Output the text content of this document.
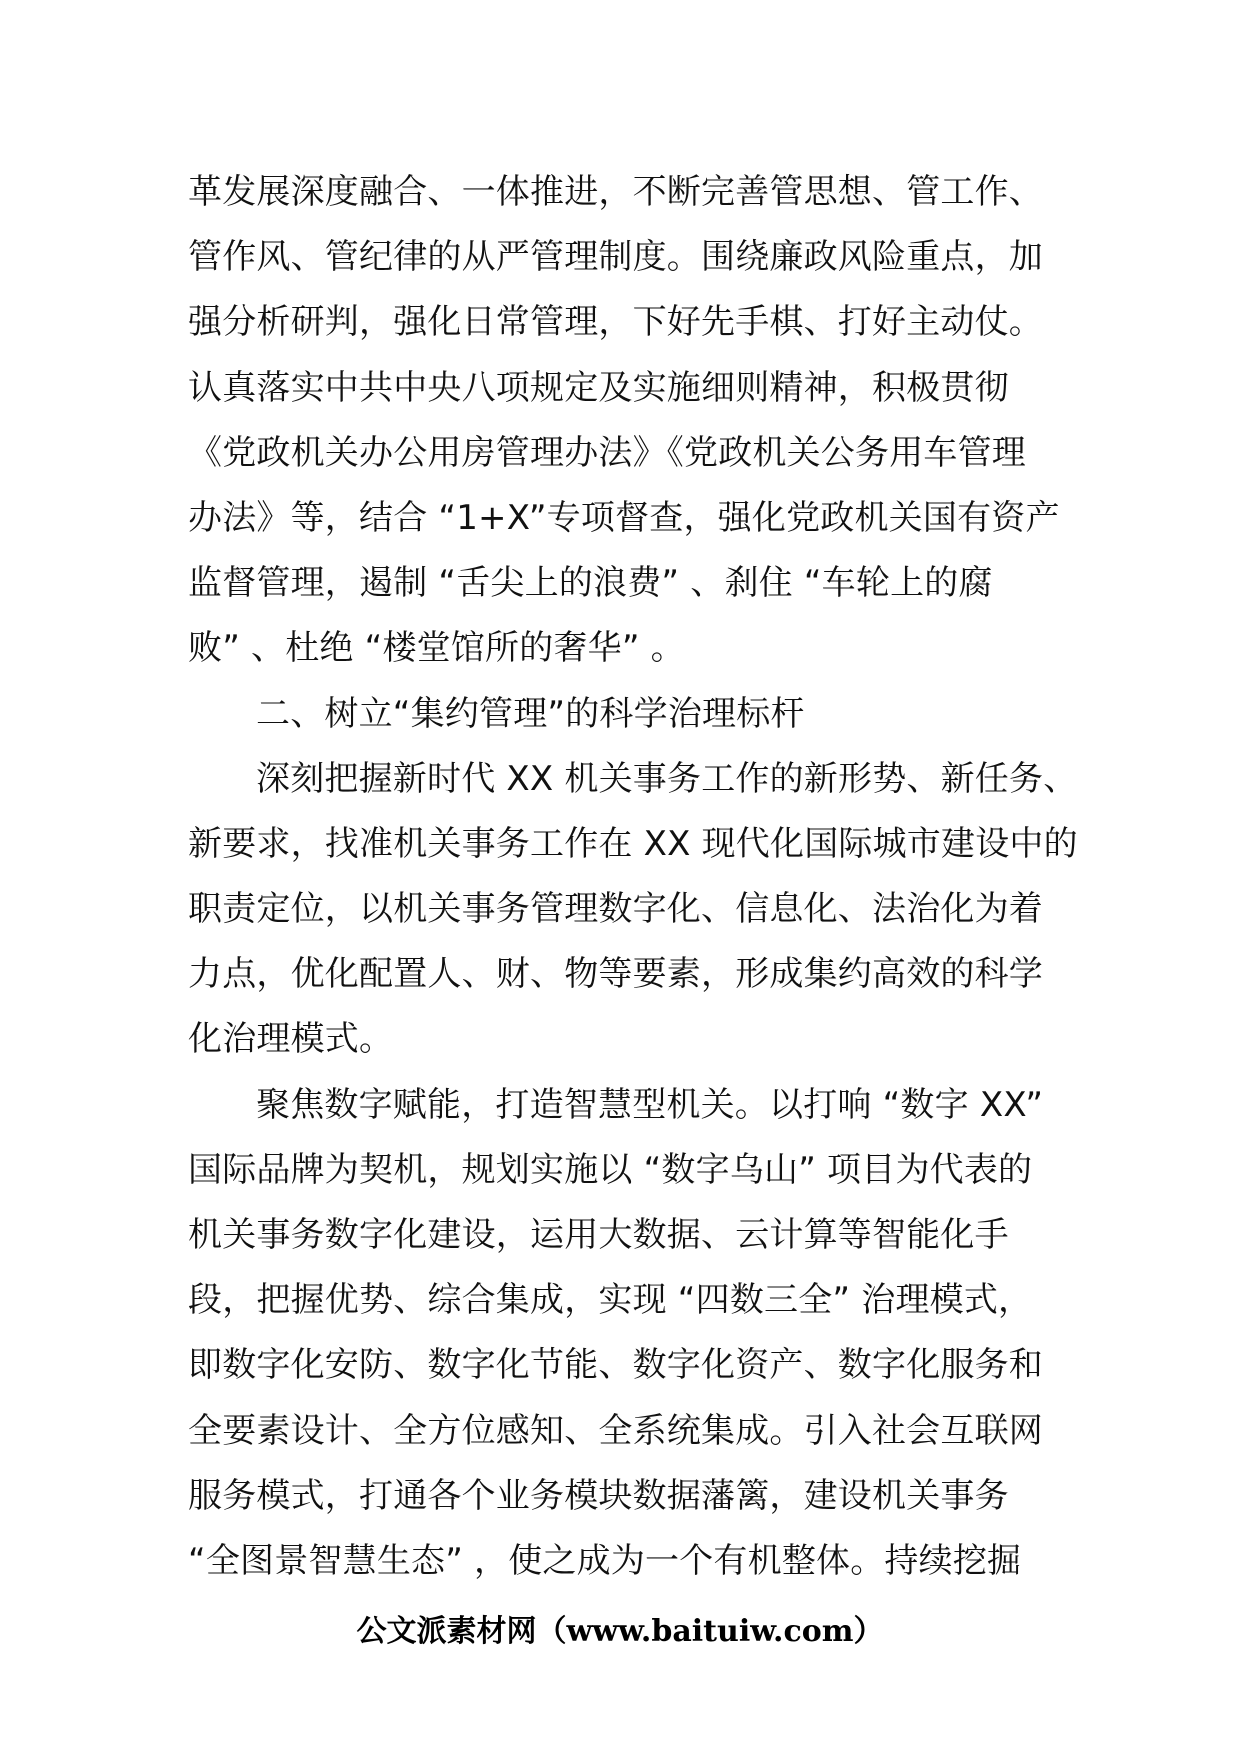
革发展深度融合、一体推进，不断完善管思想、管工作、
管作风、管纪律的从严管理制度。围绕廉政风险重点，加
强分析研判，强化日常管理，下好先手棋、打好主动仗。
认真落实中共中央八项规定及实施细则精神，积极贯彻
《党政机关办公用房管理办法》《党政机关公务用车管理
办法》等，结合 “1+X”专项督查，强化党政机关国有资产
监督管理，遏制 “舌尖上的浪费” 、刹住 “车轮上的腐
败” 、杜绝 “楼堂馆所的奢华” 。
二、树立“集约管理”的科学治理标杆
深刻把握新时代 XX 机关事务工作的新形势、新任务、
新要求，找准机关事务工作在 XX 现代化国际城市建设中的
职责定位，以机关事务管理数字化、信息化、法治化为着
力点，优化配置人、财、物等要素，形成集约高效的科学
化治理模式。
聚焦数字赋能，打造智慧型机关。以打响 “数字 XX”
国际品牌为契机，规划实施以 “数字乌山” 项目为代表的
机关事务数字化建设，运用大数据、云计算等智能化手
段，把握优势、综合集成，实现 “四数三全” 治理模式，
即数字化安防、数字化节能、数字化资产、数字化服务和
全要素设计、全方位感知、全系统集成。引入社会互联网
服务模式，打通各个业务模块数据藩篱，建设机关事务
“全图景智慧生态” ，使之成为一个有机整体。持续挖掘
公文派素材网（www.baituiw.com）
